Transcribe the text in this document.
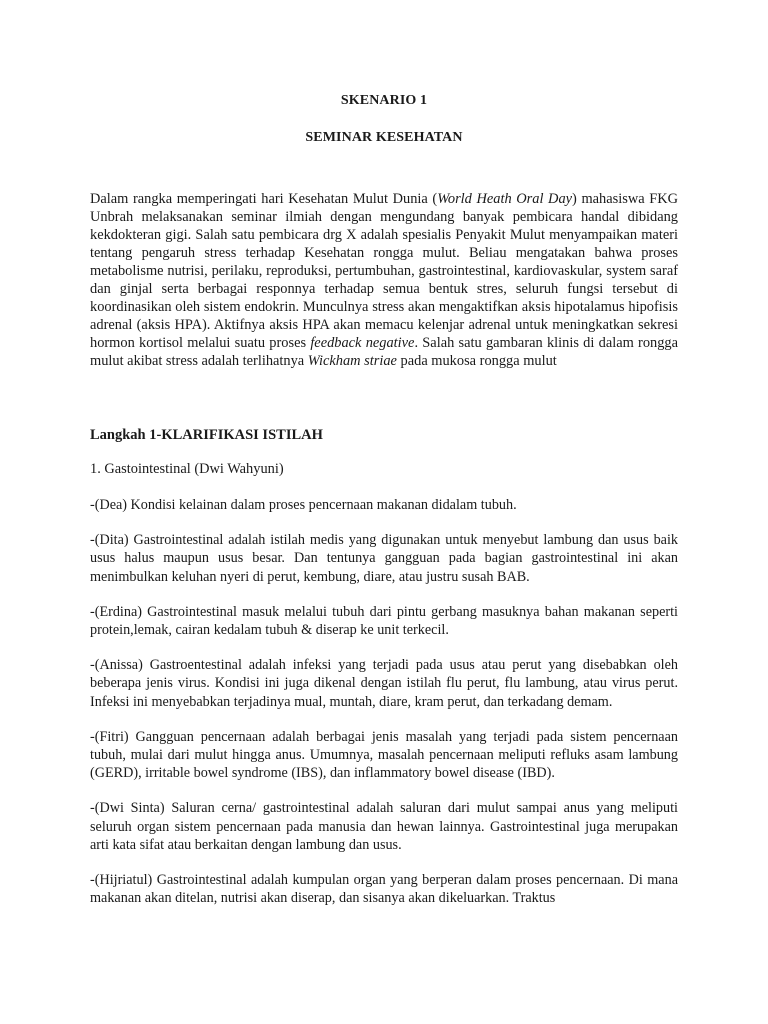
SKENARIO 1
SEMINAR KESEHATAN
Dalam rangka memperingati hari Kesehatan Mulut Dunia (World Heath Oral Day) mahasiswa FKG Unbrah melaksanakan seminar ilmiah dengan mengundang banyak pembicara handal dibidang kekdokteran gigi. Salah satu pembicara drg X adalah spesialis Penyakit Mulut menyampaikan materi tentang pengaruh stress terhadap Kesehatan rongga mulut. Beliau mengatakan bahwa proses metabolisme nutrisi, perilaku, reproduksi, pertumbuhan, gastrointestinal, kardiovaskular, system saraf dan ginjal serta berbagai responnya terhadap semua bentuk stres, seluruh fungsi tersebut di koordinasikan oleh sistem endokrin. Munculnya stress akan mengaktifkan aksis hipotalamus hipofisis adrenal (aksis HPA). Aktifnya aksis HPA akan memacu kelenjar adrenal untuk meningkatkan sekresi hormon kortisol melalui suatu proses feedback negative. Salah satu gambaran klinis di dalam rongga mulut akibat stress adalah terlihatnya Wickham striae pada mukosa rongga mulut
Langkah 1-KLARIFIKASI ISTILAH
1. Gastointestinal (Dwi Wahyuni)

-(Dea) Kondisi kelainan dalam proses pencernaan makanan didalam tubuh.

-(Dita) Gastrointestinal adalah istilah medis yang digunakan untuk menyebut lambung dan usus baik usus halus maupun usus besar. Dan tentunya gangguan pada bagian gastrointestinal ini akan menimbulkan keluhan nyeri di perut, kembung, diare, atau justru susah BAB.

-(Erdina) Gastrointestinal masuk melalui tubuh dari pintu gerbang masuknya bahan makanan seperti protein,lemak, cairan kedalam tubuh & diserap ke unit terkecil.

-(Anissa) Gastroentestinal adalah infeksi yang terjadi pada usus atau perut yang disebabkan oleh beberapa jenis virus. Kondisi ini juga dikenal dengan istilah flu perut, flu lambung, atau virus perut. Infeksi ini menyebabkan terjadinya mual, muntah, diare, kram perut, dan terkadang demam.

-(Fitri) Gangguan pencernaan adalah berbagai jenis masalah yang terjadi pada sistem pencernaan tubuh, mulai dari mulut hingga anus. Umumnya, masalah pencernaan meliputi refluks asam lambung (GERD), irritable bowel syndrome (IBS), dan inflammatory bowel disease (IBD).

-(Dwi Sinta) Saluran cerna/ gastrointestinal adalah saluran dari mulut sampai anus yang meliputi seluruh organ sistem pencernaan pada manusia dan hewan lainnya. Gastrointestinal juga merupakan arti kata sifat atau berkaitan dengan lambung dan usus.

-(Hijriatul) Gastrointestinal adalah kumpulan organ yang berperan dalam proses pencernaan. Di mana makanan akan ditelan, nutrisi akan diserap, dan sisanya akan dikeluarkan. Traktus
